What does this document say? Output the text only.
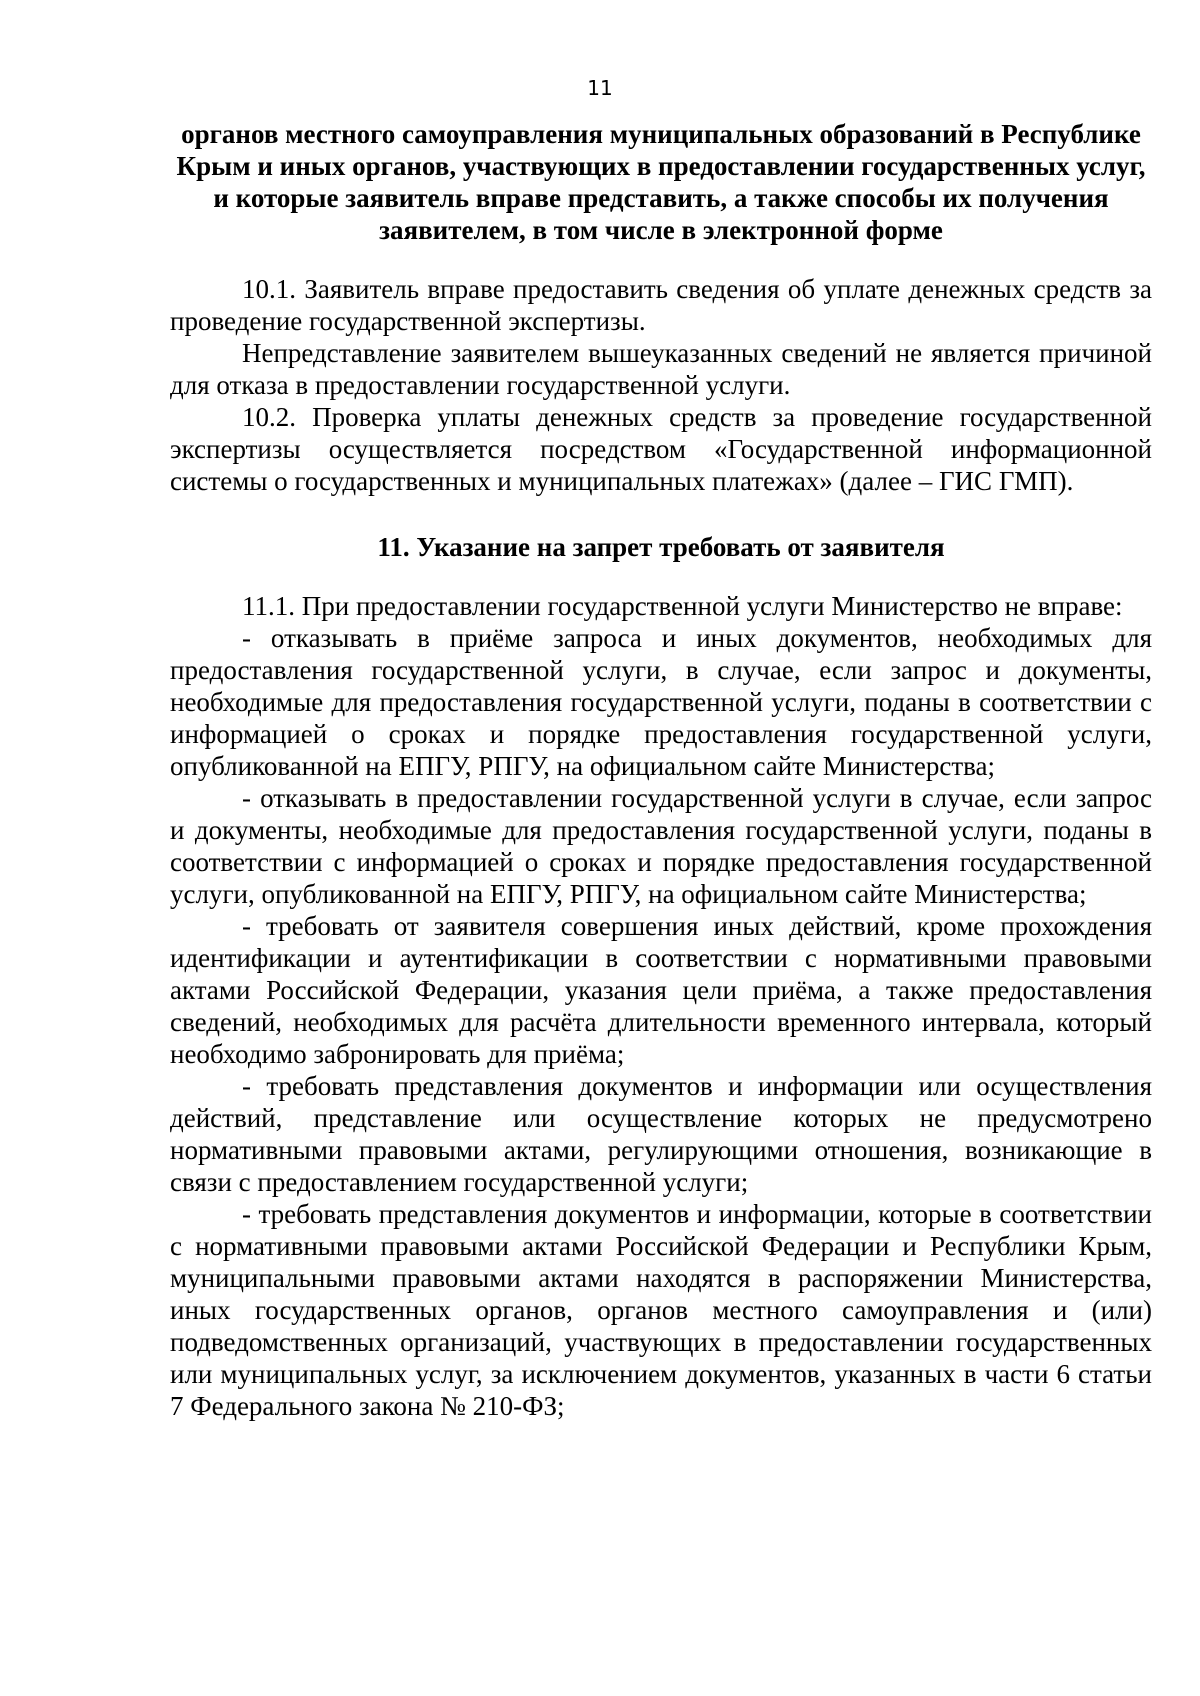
11

органов местного самоуправления муниципальных образований в Республике Крым и иных органов, участвующих в предоставлении государственных услуг, и которые заявитель вправе представить, а также способы их получения заявителем, в том числе в электронной форме

10.1. Заявитель вправе предоставить сведения об уплате денежных средств за проведение государственной экспертизы.

Непредставление заявителем вышеуказанных сведений не является причиной для отказа в предоставлении государственной услуги.

10.2. Проверка уплаты денежных средств за проведение государственной экспертизы осуществляется посредством «Государственной информационной системы о государственных и муниципальных платежах» (далее – ГИС ГМП).

11. Указание на запрет требовать от заявителя

11.1. При предоставлении государственной услуги Министерство не вправе:

- отказывать в приёме запроса и иных документов, необходимых для предоставления государственной услуги, в случае, если запрос и документы, необходимые для предоставления государственной услуги, поданы в соответствии с информацией о сроках и порядке предоставления государственной услуги, опубликованной на ЕПГУ, РПГУ, на официальном сайте Министерства;

- отказывать в предоставлении государственной услуги в случае, если запрос и документы, необходимые для предоставления государственной услуги, поданы в соответствии с информацией о сроках и порядке предоставления государственной услуги, опубликованной на ЕПГУ, РПГУ, на официальном сайте Министерства;

- требовать от заявителя совершения иных действий, кроме прохождения идентификации и аутентификации в соответствии с нормативными правовыми актами Российской Федерации, указания цели приёма, а также предоставления сведений, необходимых для расчёта длительности временного интервала, который необходимо забронировать для приёма;

- требовать представления документов и информации или осуществления действий, представление или осуществление которых не предусмотрено нормативными правовыми актами, регулирующими отношения, возникающие в связи с предоставлением государственной услуги;

- требовать представления документов и информации, которые в соответствии с нормативными правовыми актами Российской Федерации и Республики Крым, муниципальными правовыми актами находятся в распоряжении Министерства, иных государственных органов, органов местного самоуправления и (или) подведомственных организаций, участвующих в предоставлении государственных или муниципальных услуг, за исключением документов, указанных в части 6 статьи 7 Федерального закона № 210-ФЗ;
